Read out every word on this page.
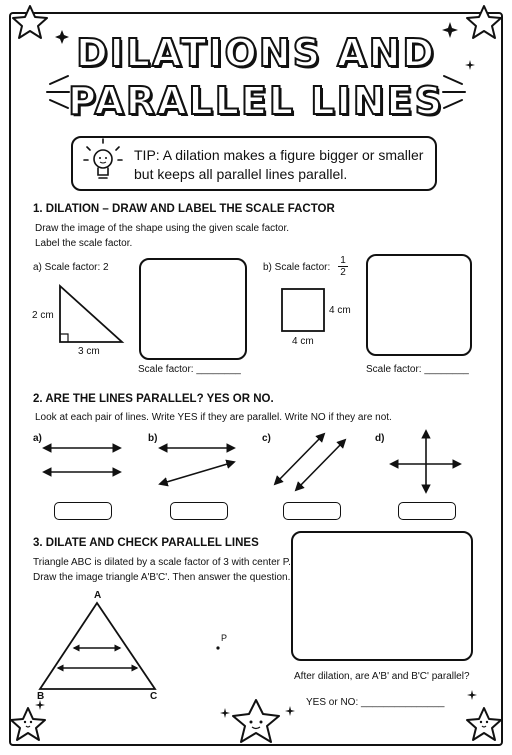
DILATIONS AND
PARALLEL LINES
TIP: A dilation makes a figure bigger or smaller
but keeps all parallel lines parallel.
1. DILATION – DRAW AND LABEL THE SCALE FACTOR
Draw the image of the shape using the given scale factor.
Label the scale factor.
a) Scale factor: 2
2 cm
3 cm
Scale factor: ________
b) Scale factor:
1
2
4 cm
4 cm
Scale factor: ________
2. ARE THE LINES PARALLEL? YES OR NO.
Look at each pair of lines. Write YES if they are parallel. Write NO if they are not.
a)	b)	c)	d)
3. DILATE AND CHECK PARALLEL LINES
Triangle ABC is dilated by a scale factor of 3 with center P.
Draw the image triangle A'B'C'. Then answer the question.
A
B	C
P
After dilation, are A'B' and B'C' parallel?
YES or NO: _______________
